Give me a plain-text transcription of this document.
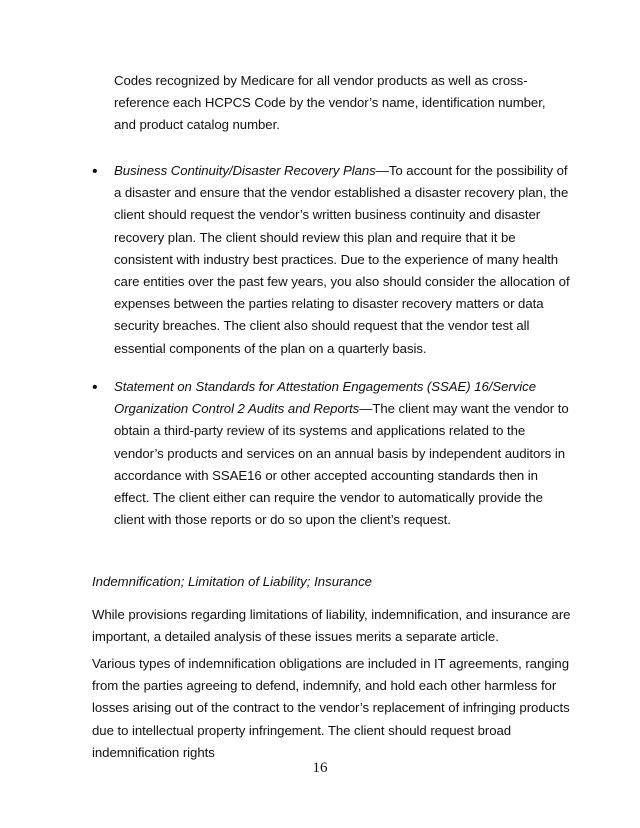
Codes recognized by Medicare for all vendor products as well as cross-reference each HCPCS Code by the vendor’s name, identification number, and product catalog number.

• Business Continuity/Disaster Recovery Plans—To account for the possibility of a disaster and ensure that the vendor established a disaster recovery plan, the client should request the vendor’s written business continuity and disaster recovery plan. The client should review this plan and require that it be consistent with industry best practices. Due to the experience of many health care entities over the past few years, you also should consider the allocation of expenses between the parties relating to disaster recovery matters or data security breaches. The client also should request that the vendor test all essential components of the plan on a quarterly basis.

• Statement on Standards for Attestation Engagements (SSAE) 16/Service Organization Control 2 Audits and Reports—The client may want the vendor to obtain a third-party review of its systems and applications related to the vendor’s products and services on an annual basis by independent auditors in accordance with SSAE16 or other accepted accounting standards then in effect. The client either can require the vendor to automatically provide the client with those reports or do so upon the client’s request.

Indemnification; Limitation of Liability; Insurance

While provisions regarding limitations of liability, indemnification, and insurance are important, a detailed analysis of these issues merits a separate article.

Various types of indemnification obligations are included in IT agreements, ranging from the parties agreeing to defend, indemnify, and hold each other harmless for losses arising out of the contract to the vendor’s replacement of infringing products due to intellectual property infringement. The client should request broad indemnification rights

16
